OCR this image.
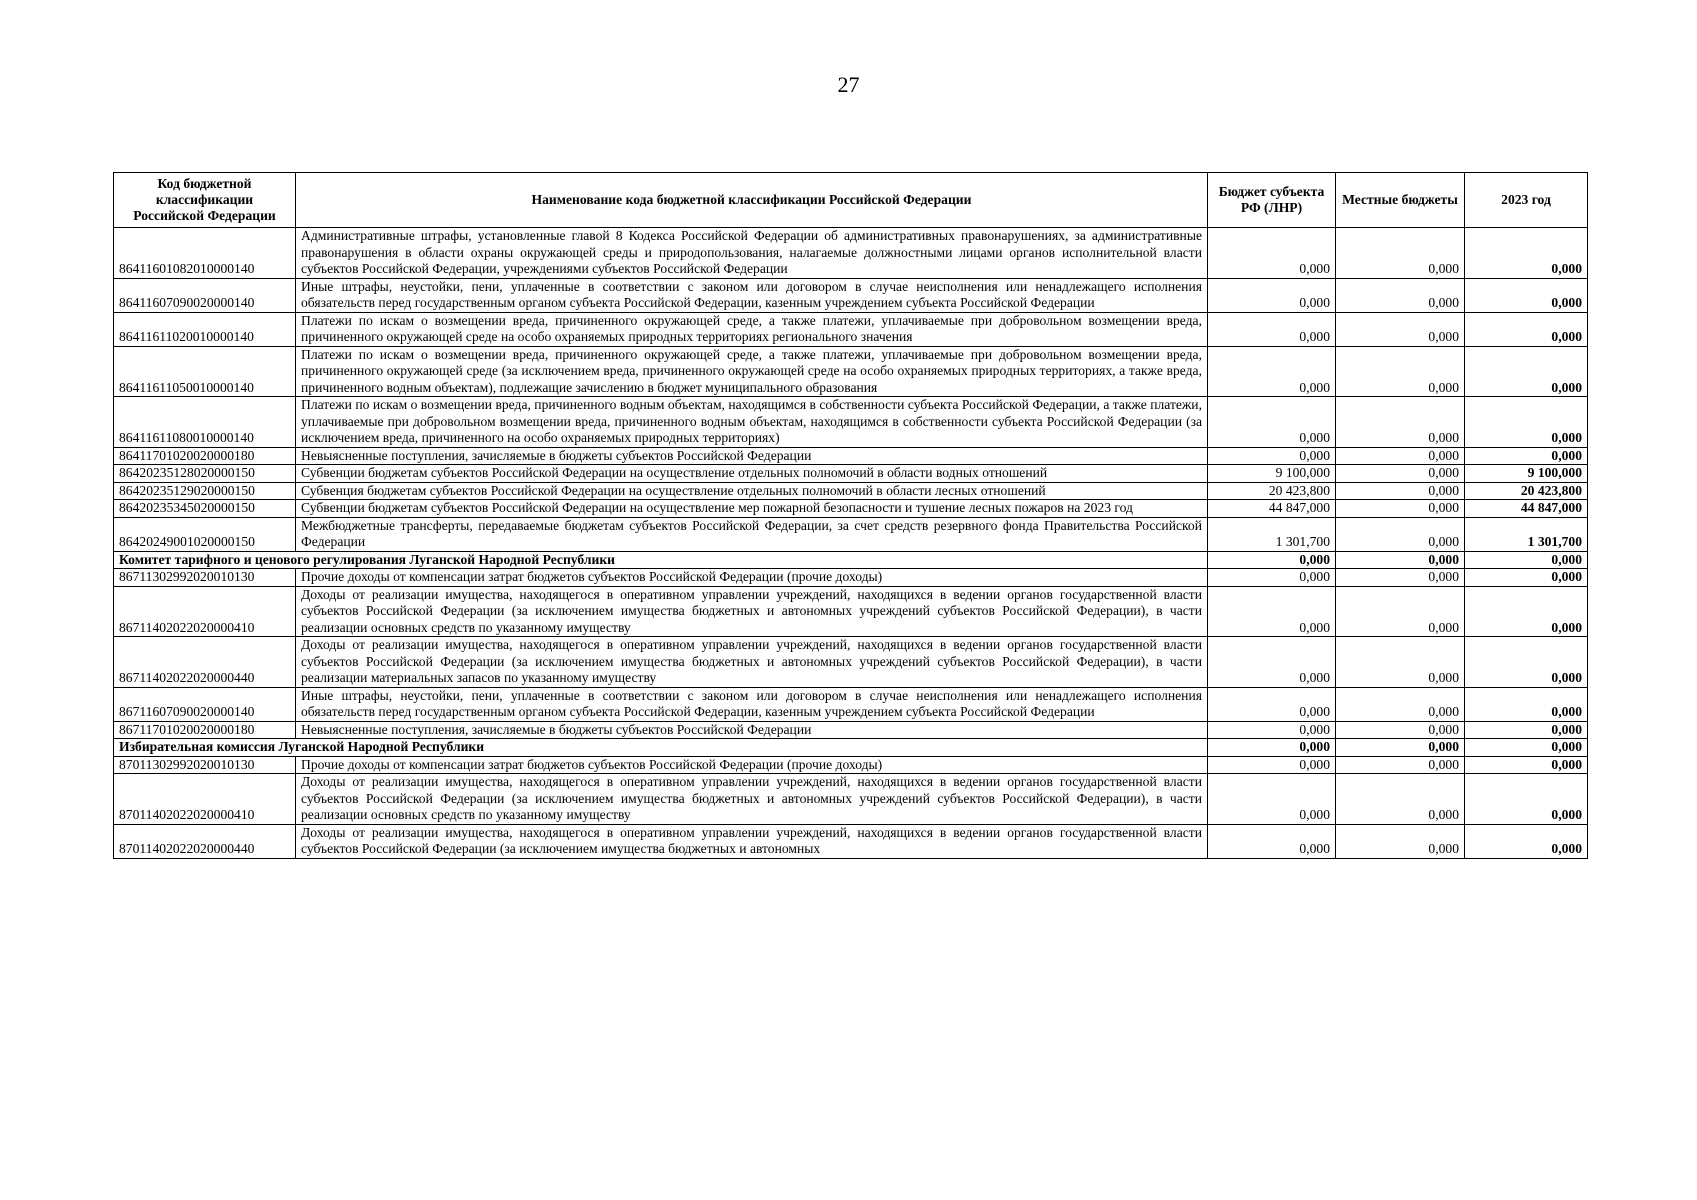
27
Код бюджетной классификации Российской Федерации	Наименование кода бюджетной классификации Российской Федерации	Бюджет субъекта РФ (ЛНР)	Местные бюджеты	2023 год
86411601082010000140	Административные штрафы, установленные главой 8 Кодекса Российской Федерации об административных правонарушениях, за административные правонарушения в области охраны окружающей среды и природопользования, налагаемые должностными лицами органов исполнительной власти субъектов Российской Федерации, учреждениями субъектов Российской Федерации	0,000	0,000	0,000
86411607090020000140	Иные штрафы, неустойки, пени, уплаченные в соответствии с законом или договором в случае неисполнения или ненадлежащего исполнения обязательств перед государственным органом субъекта Российской Федерации, казенным учреждением субъекта Российской Федерации	0,000	0,000	0,000
86411611020010000140	Платежи по искам о возмещении вреда, причиненного окружающей среде, а также платежи, уплачиваемые при добровольном возмещении вреда, причиненного окружающей среде на особо охраняемых природных территориях регионального значения	0,000	0,000	0,000
86411611050010000140	Платежи по искам о возмещении вреда, причиненного окружающей среде, а также платежи, уплачиваемые при добровольном возмещении вреда, причиненного окружающей среде (за исключением вреда, причиненного окружающей среде на особо охраняемых природных территориях, а также вреда, причиненного водным объектам), подлежащие зачислению в бюджет муниципального образования	0,000	0,000	0,000
86411611080010000140	Платежи по искам о возмещении вреда, причиненного водным объектам, находящимся в собственности субъекта Российской Федерации, а также платежи, уплачиваемые при добровольном возмещении вреда, причиненного водным объектам, находящимся в собственности субъекта Российской Федерации (за исключением вреда, причиненного на особо охраняемых природных территориях)	0,000	0,000	0,000
86411701020020000180	Невыясненные поступления, зачисляемые в бюджеты субъектов Российской Федерации	0,000	0,000	0,000
86420235128020000150	Субвенции бюджетам субъектов Российской Федерации на осуществление отдельных полномочий в области водных отношений	9 100,000	0,000	9 100,000
86420235129020000150	Субвенция бюджетам субъектов Российской Федерации на осуществление отдельных полномочий в области лесных отношений	20 423,800	0,000	20 423,800
86420235345020000150	Субвенции бюджетам субъектов Российской Федерации на осуществление мер пожарной безопасности и тушение лесных пожаров на 2023 год	44 847,000	0,000	44 847,000
86420249001020000150	Межбюджетные трансферты, передаваемые бюджетам субъектов Российской Федерации, за счет средств резервного фонда Правительства Российской Федерации	1 301,700	0,000	1 301,700
Комитет тарифного и ценового регулирования Луганской Народной Республики		0,000	0,000	0,000
86711302992020010130	Прочие доходы от компенсации затрат бюджетов субъектов Российской Федерации (прочие доходы)	0,000	0,000	0,000
86711402022020000410	Доходы от реализации имущества, находящегося в оперативном управлении учреждений, находящихся в ведении органов государственной власти субъектов Российской Федерации (за исключением имущества бюджетных и автономных учреждений субъектов Российской Федерации), в части реализации основных средств по указанному имуществу	0,000	0,000	0,000
86711402022020000440	Доходы от реализации имущества, находящегося в оперативном управлении учреждений, находящихся в ведении органов государственной власти субъектов Российской Федерации (за исключением имущества бюджетных и автономных учреждений субъектов Российской Федерации), в части реализации материальных запасов по указанному имуществу	0,000	0,000	0,000
86711607090020000140	Иные штрафы, неустойки, пени, уплаченные в соответствии с законом или договором в случае неисполнения или ненадлежащего исполнения обязательств перед государственным органом субъекта Российской Федерации, казенным учреждением субъекта Российской Федерации	0,000	0,000	0,000
86711701020020000180	Невыясненные поступления, зачисляемые в бюджеты субъектов Российской Федерации	0,000	0,000	0,000
Избирательная комиссия Луганской Народной Республики		0,000	0,000	0,000
87011302992020010130	Прочие доходы от компенсации затрат бюджетов субъектов Российской Федерации (прочие доходы)	0,000	0,000	0,000
87011402022020000410	Доходы от реализации имущества, находящегося в оперативном управлении учреждений, находящихся в ведении органов государственной власти субъектов Российской Федерации (за исключением имущества бюджетных и автономных учреждений субъектов Российской Федерации), в части реализации основных средств по указанному имуществу	0,000	0,000	0,000
87011402022020000440	Доходы от реализации имущества, находящегося в оперативном управлении учреждений, находящихся в ведении органов государственной власти субъектов Российской Федерации (за исключением имущества бюджетных и автономных	0,000	0,000	0,000
